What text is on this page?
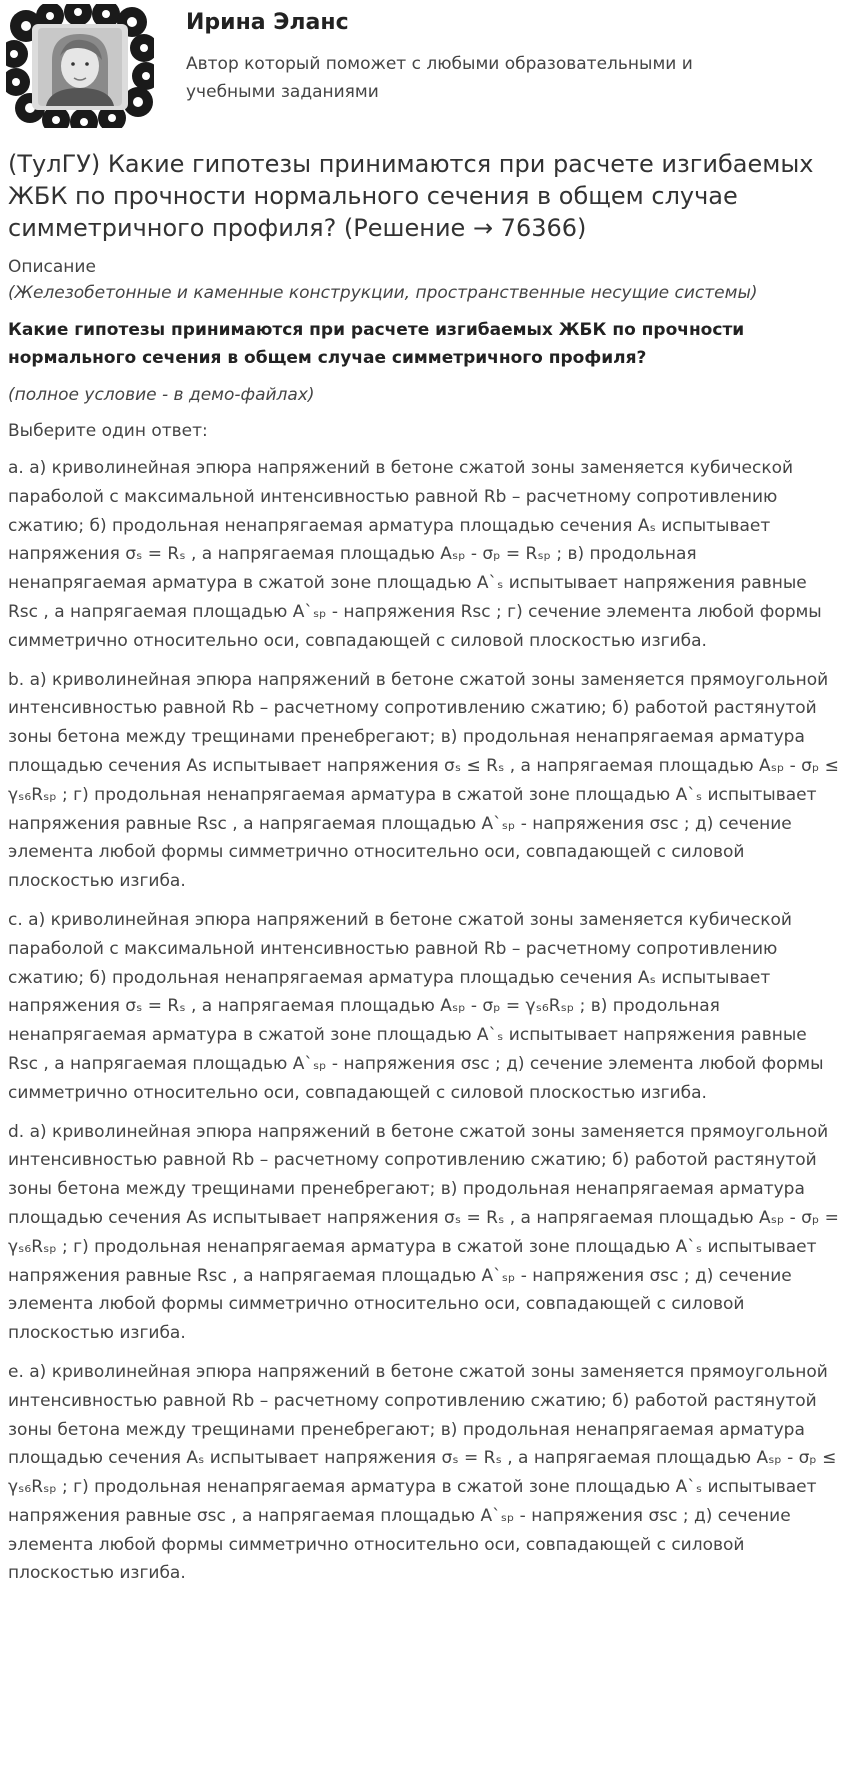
Ирина Эланс
Автор который поможет с любыми образовательными и учебными заданиями
(ТулГУ) Какие гипотезы принимаются при расчете изгибаемых ЖБК по прочности нормального сечения в общем случае симметричного профиля? (Решение → 76366)
Описание
(Железобетонные и каменные конструкции, пространственные несущие системы)
Какие гипотезы принимаются при расчете изгибаемых ЖБК по прочности нормального сечения в общем случае симметричного профиля?
(полное условие - в демо-файлах)
Выберите один ответ:
a. а) криволинейная эпюра напряжений в бетоне сжатой зоны заменяется кубической параболой с максимальной интенсивностью равной Rb – расчетному сопротивлению сжатию; б) продольная ненапрягаемая арматура площадью сечения Aₛ испытывает напряжения σₛ = Rₛ , а напрягаемая площадью Aₛₚ - σₚ = Rₛₚ ; в) продольная ненапрягаемая арматура в сжатой зоне площадью A`ₛ испытывает напряжения равные Rsc , а напрягаемая площадью A`ₛₚ - напряжения Rsc ; г) сечение элемента любой формы симметрично относительно оси, совпадающей с силовой плоскостью изгиба.
b. а) криволинейная эпюра напряжений в бетоне сжатой зоны заменяется прямоугольной интенсивностью равной Rb – расчетному сопротивлению сжатию; б) работой растянутой зоны бетона между трещинами пренебрегают; в) продольная ненапрягаемая арматура площадью сечения As испытывает напряжения σₛ ≤ Rₛ , а напрягаемая площадью Aₛₚ - σₚ ≤ γₛ₆Rₛₚ ; г) продольная ненапрягаемая арматура в сжатой зоне площадью A`ₛ испытывает напряжения равные Rsc , а напрягаемая площадью A`ₛₚ - напряжения σsc ; д) сечение элемента любой формы симметрично относительно оси, совпадающей с силовой плоскостью изгиба.
c. а) криволинейная эпюра напряжений в бетоне сжатой зоны заменяется кубической параболой с максимальной интенсивностью равной Rb – расчетному сопротивлению сжатию; б) продольная ненапрягаемая арматура площадью сечения Aₛ испытывает напряжения σₛ = Rₛ , а напрягаемая площадью Aₛₚ - σₚ = γₛ₆Rₛₚ ; в) продольная ненапрягаемая арматура в сжатой зоне площадью A`ₛ испытывает напряжения равные Rsc , а напрягаемая площадью A`ₛₚ - напряжения σsc ; д) сечение элемента любой формы симметрично относительно оси, совпадающей с силовой плоскостью изгиба.
d. а) криволинейная эпюра напряжений в бетоне сжатой зоны заменяется прямоугольной интенсивностью равной Rb – расчетному сопротивлению сжатию; б) работой растянутой зоны бетона между трещинами пренебрегают; в) продольная ненапрягаемая арматура площадью сечения As испытывает напряжения σₛ = Rₛ , а напрягаемая площадью Aₛₚ - σₚ = γₛ₆Rₛₚ ; г) продольная ненапрягаемая арматура в сжатой зоне площадью A`ₛ испытывает напряжения равные Rsc , а напрягаемая площадью A`ₛₚ - напряжения σsc ; д) сечение элемента любой формы симметрично относительно оси, совпадающей с силовой плоскостью изгиба.
e. а) криволинейная эпюра напряжений в бетоне сжатой зоны заменяется прямоугольной интенсивностью равной Rb – расчетному сопротивлению сжатию; б) работой растянутой зоны бетона между трещинами пренебрегают; в) продольная ненапрягаемая арматура площадью сечения Aₛ испытывает напряжения σₛ = Rₛ , а напрягаемая площадью Aₛₚ - σₚ ≤ γₛ₆Rₛₚ ; г) продольная ненапрягаемая арматура в сжатой зоне площадью A`ₛ испытывает напряжения равные σsc , а напрягаемая площадью A`ₛₚ - напряжения σsc ; д) сечение элемента любой формы симметрично относительно оси, совпадающей с силовой плоскостью изгиба.
